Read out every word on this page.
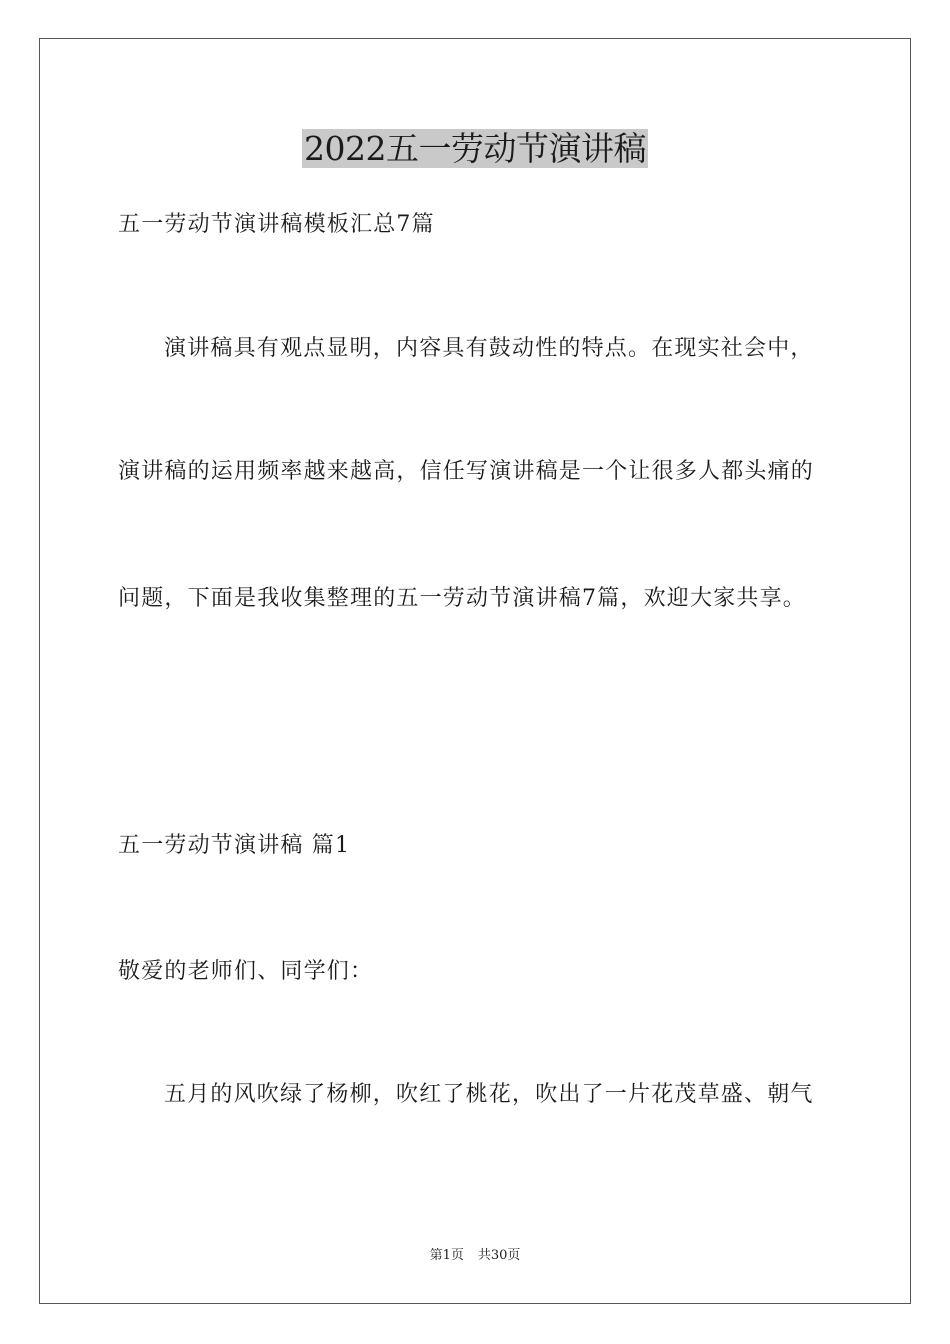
2022五一劳动节演讲稿
五一劳动节演讲稿模板汇总7篇
演讲稿具有观点显明，内容具有鼓动性的特点。在现实社会中，
演讲稿的运用频率越来越高，信任写演讲稿是一个让很多人都头痛的
问题，下面是我收集整理的五一劳动节演讲稿7篇，欢迎大家共享。
五一劳动节演讲稿 篇1
敬爱的老师们、同学们：
五月的风吹绿了杨柳，吹红了桃花，吹出了一片花茂草盛、朝气
第1页 共30页
